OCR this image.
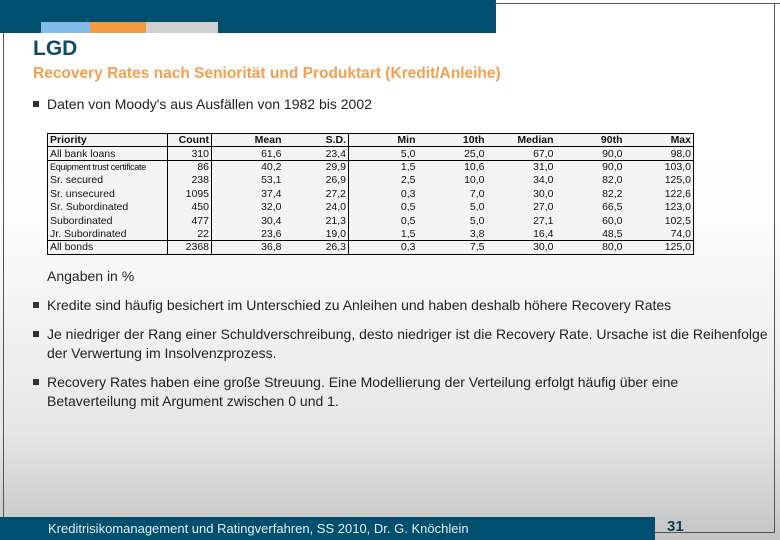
LGD
Recovery Rates nach Seniorität und Produktart (Kredit/Anleihe)
Daten von Moody's aus Ausfällen von 1982 bis 2002
Priority	Count	Mean	S.D.	Min	10th	Median	90th	Max
All bank loans	310	61,6	23,4	5,0	25,0	67,0	90,0	98,0
Equipment trust certificate	86	40,2	29,9	1,5	10,6	31,0	90,0	103,0
Sr. secured	238	53,1	26,9	2,5	10,0	34,0	82,0	125,0
Sr. unsecured	1095	37,4	27,2	0,3	7,0	30,0	82,2	122,6
Sr. Subordinated	450	32,0	24,0	0,5	5,0	27,0	66,5	123,0
Subordinated	477	30,4	21,3	0,5	5,0	27,1	60,0	102,5
Jr. Subordinated	22	23,6	19,0	1,5	3,8	16,4	48,5	74,0
All bonds	2368	36,8	26,3	0,3	7,5	30,0	80,0	125,0
Angaben in %
Kredite sind häufig besichert im Unterschied zu Anleihen und haben deshalb höhere Recovery Rates
Je niedriger der Rang einer Schuldverschreibung, desto niedriger ist die Recovery Rate. Ursache ist die Reihenfolge der Verwertung im Insolvenzprozess.
Recovery Rates haben eine große Streuung. Eine Modellierung der Verteilung erfolgt häufig über eine Betaverteilung mit Argument zwischen 0 und 1.
Kreditrisikomanagement und Ratingverfahren, SS 2010, Dr. G. Knöchlein	31
